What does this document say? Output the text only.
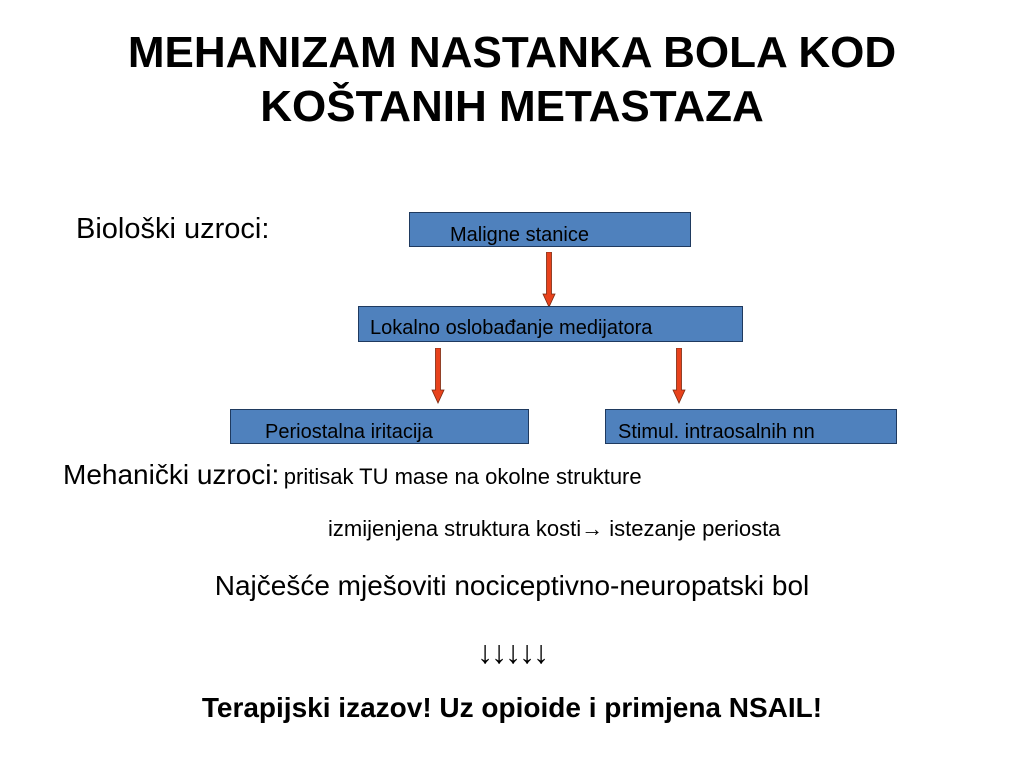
MEHANIZAM NASTANKA BOLA KOD
KOŠTANIH METASTAZA
Biološki uzroci:	Maligne stanice
Lokalno oslobađanje medijatora
Periostalna iritacija	Stimul. intraosalnih nn
Mehanički uzroci: pritisak TU mase na okolne strukture
izmijenjena struktura kosti→ istezanje periosta
Najčešće mješoviti nociceptivno-neuropatski bol
↓↓↓↓↓
Terapijski izazov! Uz opioide i primjena NSAIL!
